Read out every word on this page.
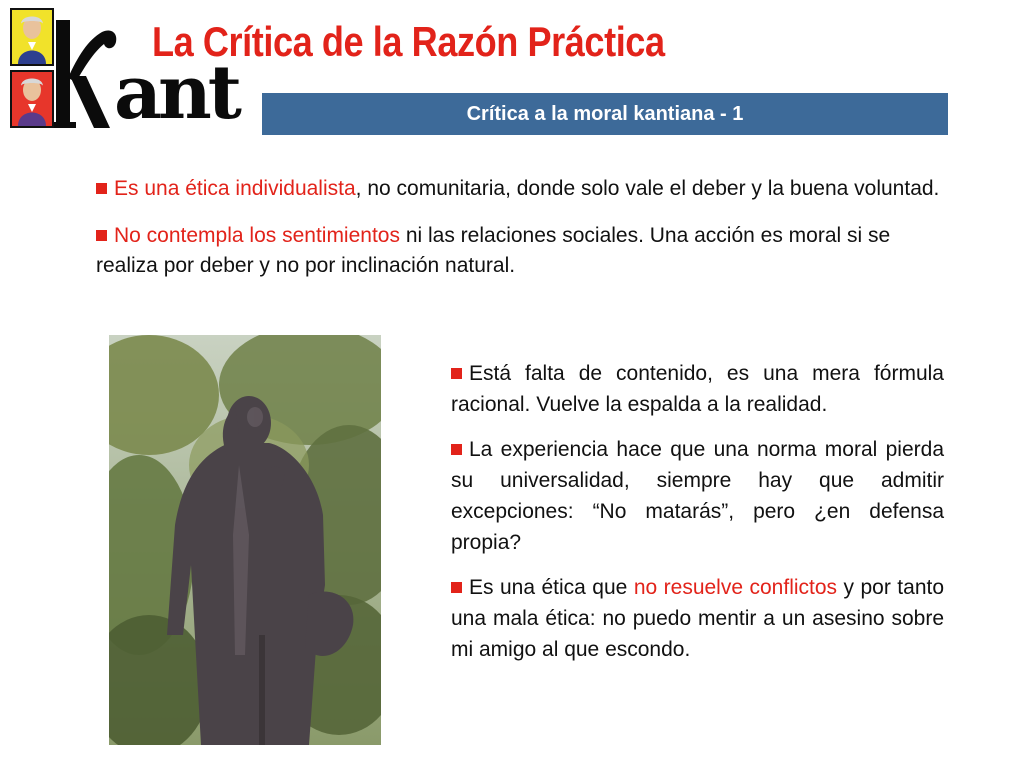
ant
La Crítica de la Razón Práctica
Crítica a la moral kantiana - 1

Es una ética individualista, no comunitaria, donde solo vale el deber y la buena voluntad.

No contempla los sentimientos ni las relaciones sociales. Una acción es moral si se realiza por deber y no por inclinación natural.

Está falta de contenido, es una mera fórmula racional. Vuelve la espalda a la realidad.

La experiencia hace que una norma moral pierda su universalidad, siempre hay que admitir excepciones: “No matarás”, pero ¿en defensa propia?

Es una ética que no resuelve conflictos y por tanto una mala ética: no puedo mentir a un asesino sobre mi amigo al que escondo.
